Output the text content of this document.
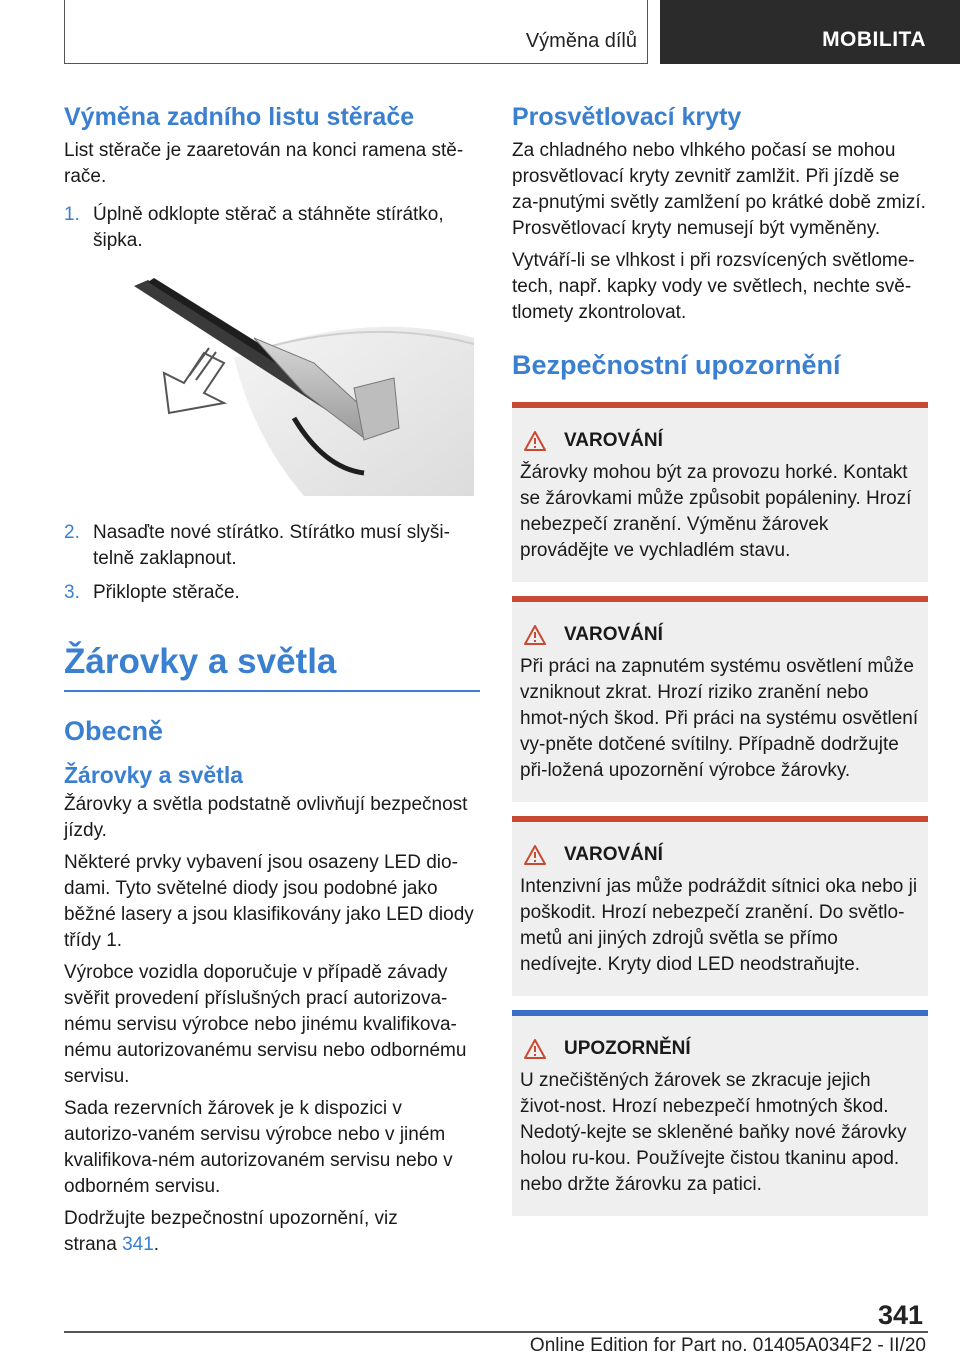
Výměna dílů	MOBILITA
Výměna zadního listu stěrače

List stěrače je zaaretován na konci ramena stě-rače.

1. Úplně odklopte stěrač a stáhněte stírátko, šipka.
2. Nasaďte nové stírátko. Stírátko musí slyši-telně zaklapnout.
3. Přiklopte stěrače.
Žárovky a světla
Obecně
Žárovky a světla

Žárovky a světla podstatně ovlivňují bezpečnost jízdy.

Některé prvky vybavení jsou osazeny LED dio-dami. Tyto světelné diody jsou podobné jako běžné lasery a jsou klasifikovány jako LED diody třídy 1.

Výrobce vozidla doporučuje v případě závady svěřit provedení příslušných prací autorizova-nému servisu výrobce nebo jinému kvalifikova-nému autorizovanému servisu nebo odbornému servisu.

Sada rezervních žárovek je k dispozici v autorizo-vaném servisu výrobce nebo v jiném kvalifikova-ném autorizovaném servisu nebo v odborném servisu.

Dodržujte bezpečnostní upozornění, viz strana 341.

Prosvětlovací kryty

Za chladného nebo vlhkého počasí se mohou prosvětlovací kryty zevnitř zamlžit. Při jízdě se za-pnutými světly zamlžení po krátké době zmizí. Prosvětlovací kryty nemusejí být vyměněny.

Vytváří-li se vlhkost i při rozsvícených světlome-tech, např. kapky vody ve světlech, nechte svě-tlomety zkontrolovat.

Bezpečnostní upozornění
VAROVÁNÍ

Žárovky mohou být za provozu horké. Kontakt se žárovkami může způsobit popáleniny. Hrozí nebezpečí zranění. Výměnu žárovek provádějte ve vychladlém stavu.

VAROVÁNÍ

Při práci na zapnutém systému osvětlení může vzniknout zkrat. Hrozí riziko zranění nebo hmot-ných škod. Při práci na systému osvětlení vy-pněte dotčené svítilny. Případně dodržujte při-ložená upozornění výrobce žárovky.

VAROVÁNÍ

Intenzivní jas může podráždit sítnici oka nebo ji poškodit. Hrozí nebezpečí zranění. Do světlo-metů ani jiných zdrojů světla se přímo nedívejte. Kryty diod LED neodstraňujte.

UPOZORNĚNÍ

U znečištěných žárovek se zkracuje jejich život-nost. Hrozí nebezpečí hmotných škod. Nedotý-kejte se skleněné baňky nové žárovky holou ru-kou. Používejte čistou tkaninu apod. nebo držte žárovku za patici.

341
Online Edition for Part no. 01405A034F2 - II/20
